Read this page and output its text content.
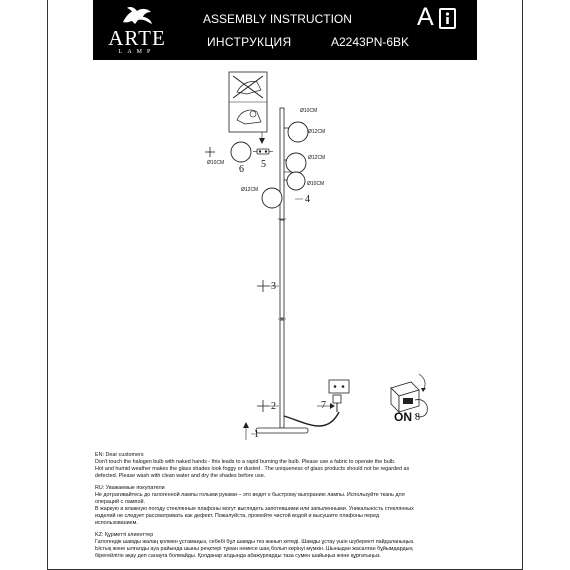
ARTE
LAMP
ASSEMBLY INSTRUCTION
ИНСТРУКЦИЯ	A2243PN-6BK
A
Ø10CM
Ø12CM
Ø12CM
Ø10CM
Ø10CM
Ø12CM
1
2
3
4
5
6
7
8
ON

EN: Dear customers

Don't touch the halogen bulb with naked hands - this leads to a rapid burning the bulb. Please use a fabric to operate the bulb.

Hot and humid weather makes the glass shades look foggy or dusted . The uniqueness of glass products should not be regarded as

defected. Please wash with clean water and dry the shades before use.

RU: Уважаемые покупатели

Не дотрагивайтесь до галогенной лампы голыми руками – это ведет к быстрому выгоранию лампы. Используйте ткань для

операций с лампой.

В жаркую и влажную погоду стеклянные плафоны могут выглядеть запотевшими или запыленными. Уникальность стеклянных

изделий не следует рассматривать как дефект. Пожалуйста, промойте чистой водой и высушите плафоны перед

использованием.

KZ: Құрметті клиенттер

Галогендік шамды жалаң қолмен ұстамаңыз, себебі бұл шамды тез жанып кетеді. Шамды ұстау үшін шүберекті пайдаланыңыз.

Ыстық және ылғалды ауа райында шыны реңктері тұман немесе шаң болып көрінуі мүмкін. Шыныдан жасалған бұйымдардың

бірегейлігін ақау деп санауға болмайды. Қолданар алдында абажурларды таза сумен шайыңыз және құрғатыңыз.
